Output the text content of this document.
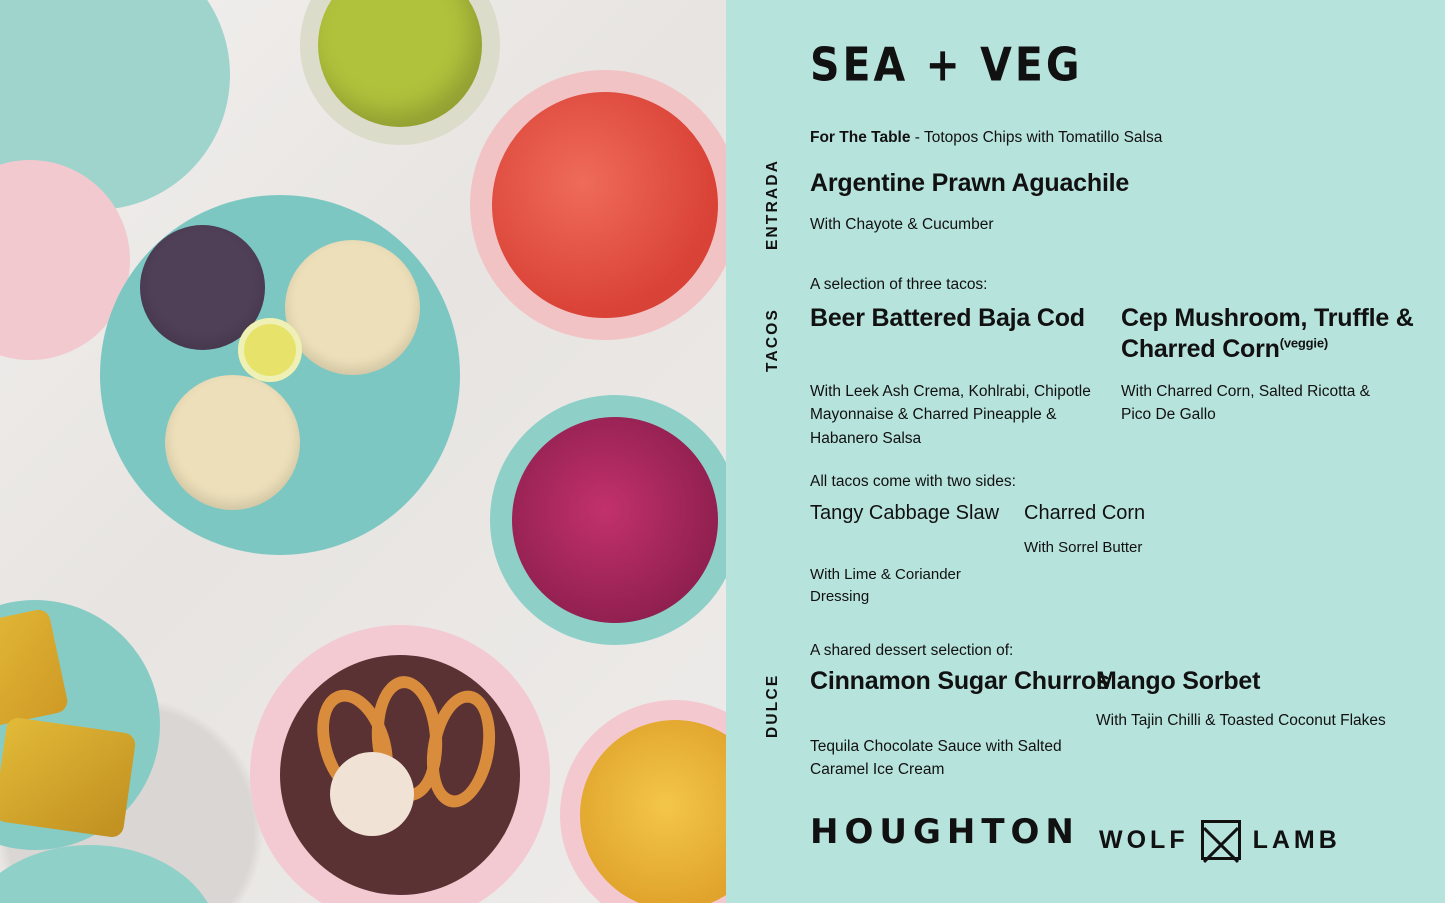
SEA + VEG
ENTRADA
TACOS
DULCE
For The Table - Totopos Chips with Tomatillo Salsa
Argentine Prawn Aguachile
With Chayote & Cucumber
A selection of three tacos:
Beer Battered Baja Cod
With Leek Ash Crema, Kohlrabi, Chipotle Mayonnaise & Charred Pineapple & Habanero Salsa
Cep Mushroom, Truffle & Charred Corn$^{(veggie)}$
With Charred Corn, Salted Ricotta & Pico De Gallo
All tacos come with two sides:
Tangy Cabbage Slaw
With Lime & Coriander Dressing
Charred Corn
With Sorrel Butter
A shared dessert selection of:
Cinnamon Sugar Churros
Tequila Chocolate Sauce with Salted Caramel Ice Cream
Mango Sorbet
With Tajin Chilli & Toasted Coconut Flakes
HOUGHTON WOLF	LAMB
